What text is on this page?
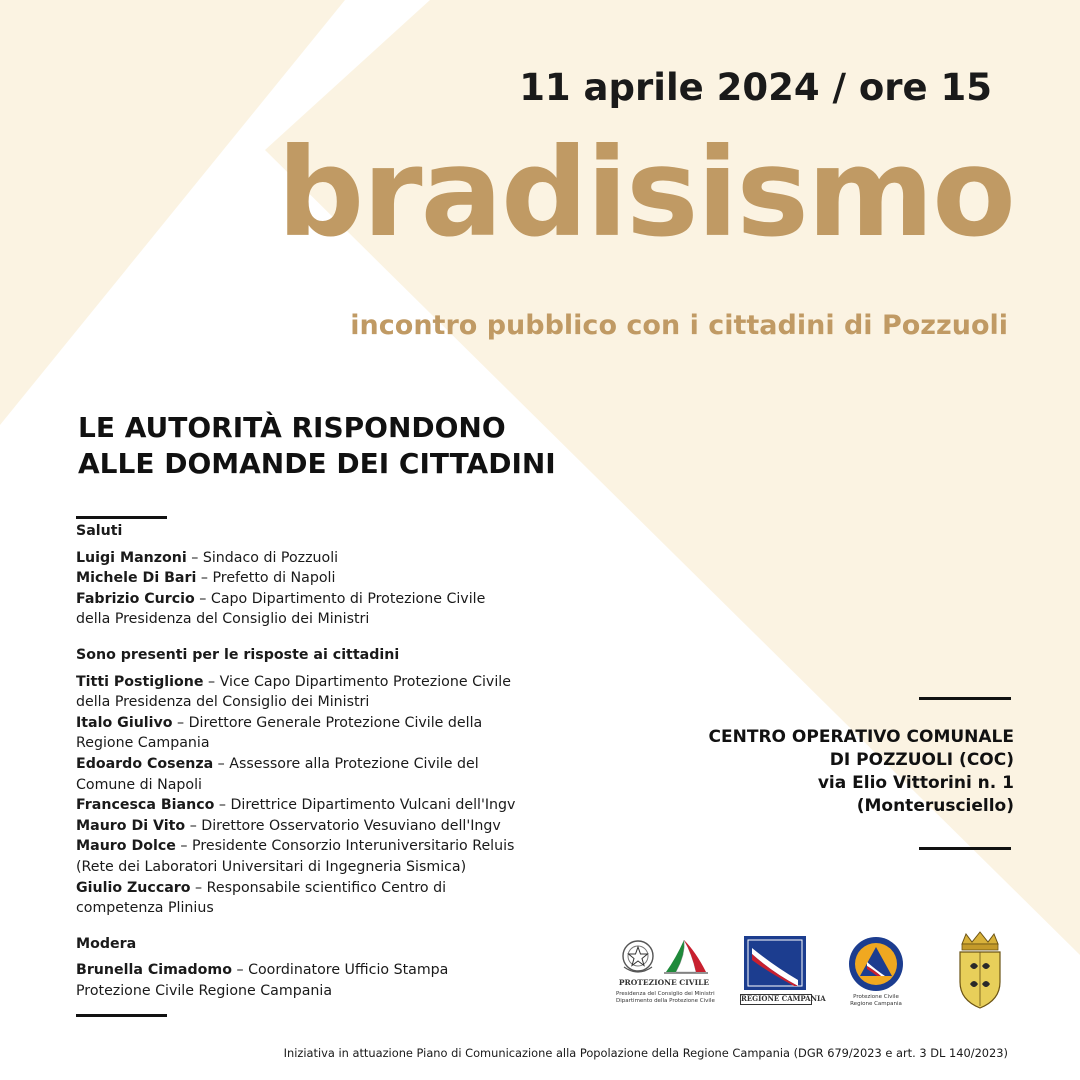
11 aprile 2024 / ore 15
bradisismo
incontro pubblico con i cittadini di Pozzuoli
LE AUTORITÀ RISPONDONO
ALLE DOMANDE DEI CITTADINI
Saluti
Luigi Manzoni – Sindaco di Pozzuoli
Michele Di Bari – Prefetto di Napoli
Fabrizio Curcio – Capo Dipartimento di Protezione Civile
della Presidenza del Consiglio dei Ministri
Sono presenti per le risposte ai cittadini
Titti Postiglione – Vice Capo Dipartimento Protezione Civile
della Presidenza del Consiglio dei Ministri
Italo Giulivo – Direttore Generale Protezione Civile della
Regione Campania
Edoardo Cosenza – Assessore alla Protezione Civile del
Comune di Napoli
Francesca Bianco – Direttrice Dipartimento Vulcani dell'Ingv
Mauro Di Vito – Direttore Osservatorio Vesuviano dell'Ingv
Mauro Dolce – Presidente Consorzio Interuniversitario Reluis
(Rete dei Laboratori Universitari di Ingegneria Sismica)
Giulio Zuccaro – Responsabile scientifico Centro di
competenza Plinius
Modera
Brunella Cimadomo – Coordinatore Ufficio Stampa
Protezione Civile Regione Campania
CENTRO OPERATIVO COMUNALE
DI POZZUOLI (COC)
via Elio Vittorini n. 1
(Monterusciello)
PROTEZIONE CIVILE
Presidenza del Consiglio dei Ministri
Dipartimento della Protezione Civile	REGIONE CAMPANIA	Protezione Civile
Regione Campania
Iniziativa in attuazione Piano di Comunicazione alla Popolazione della Regione Campania (DGR 679/2023 e art. 3 DL 140/2023)
